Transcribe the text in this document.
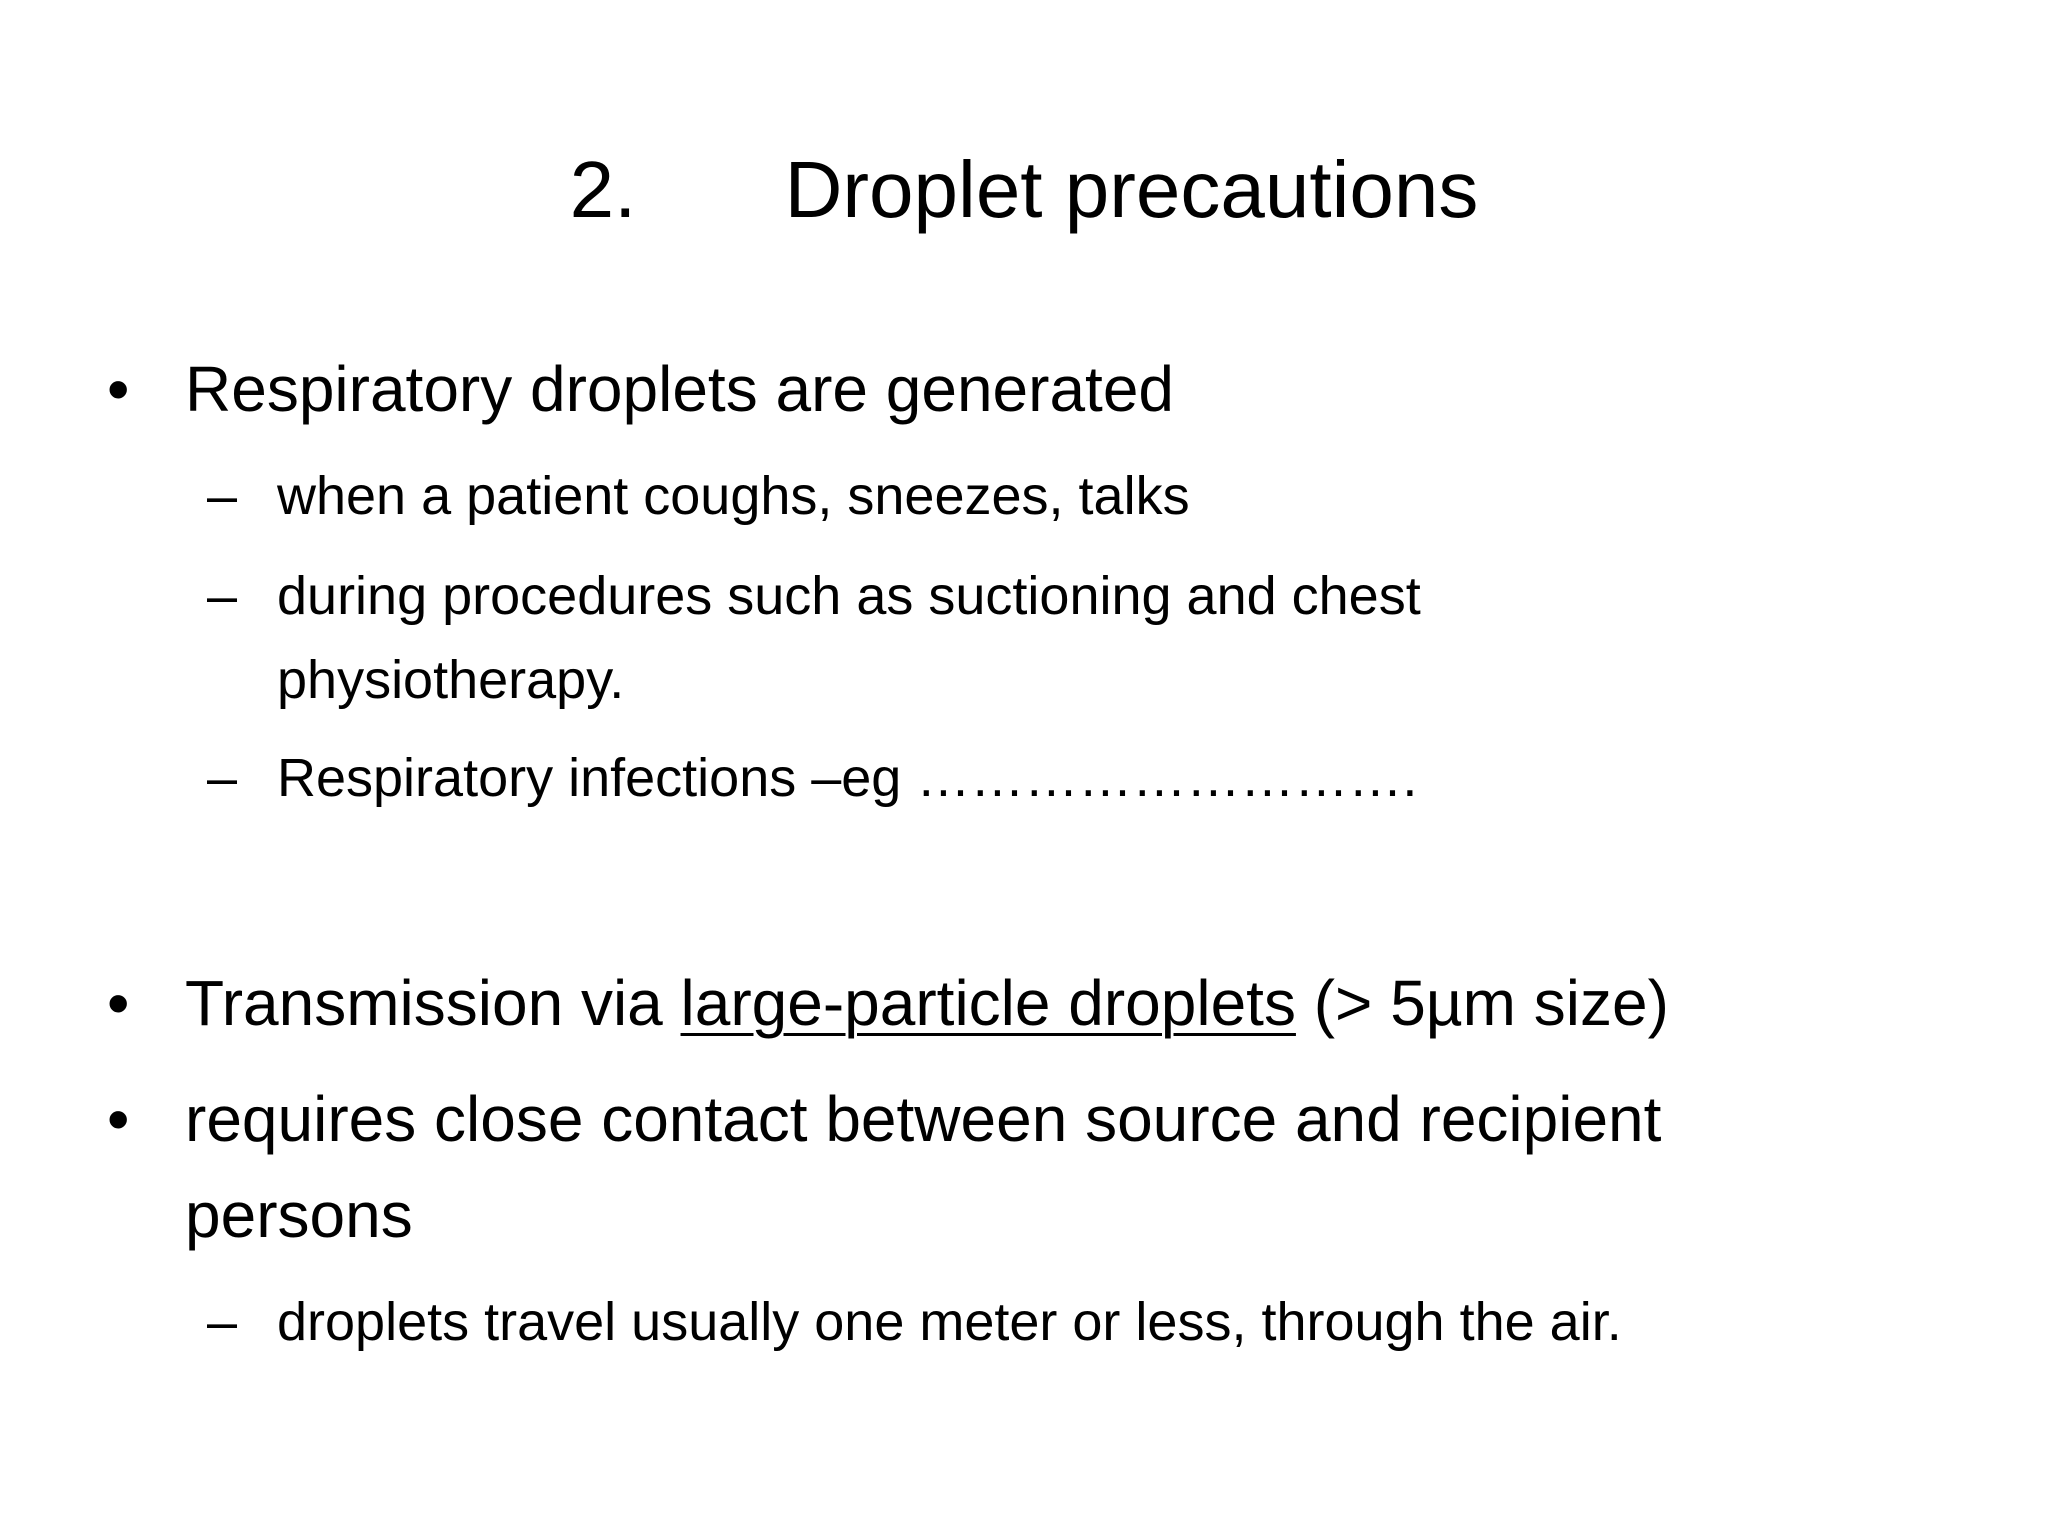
2. Droplet precautions
• Respiratory droplets are generated
– when a patient coughs, sneezes, talks
– during procedures such as suctioning and chest
physiotherapy.
– Respiratory infections –eg ……………………….
• Transmission via large-particle droplets (> 5µm size)
• requires close contact between source and recipient
persons
– droplets travel usually one meter or less, through the air.
